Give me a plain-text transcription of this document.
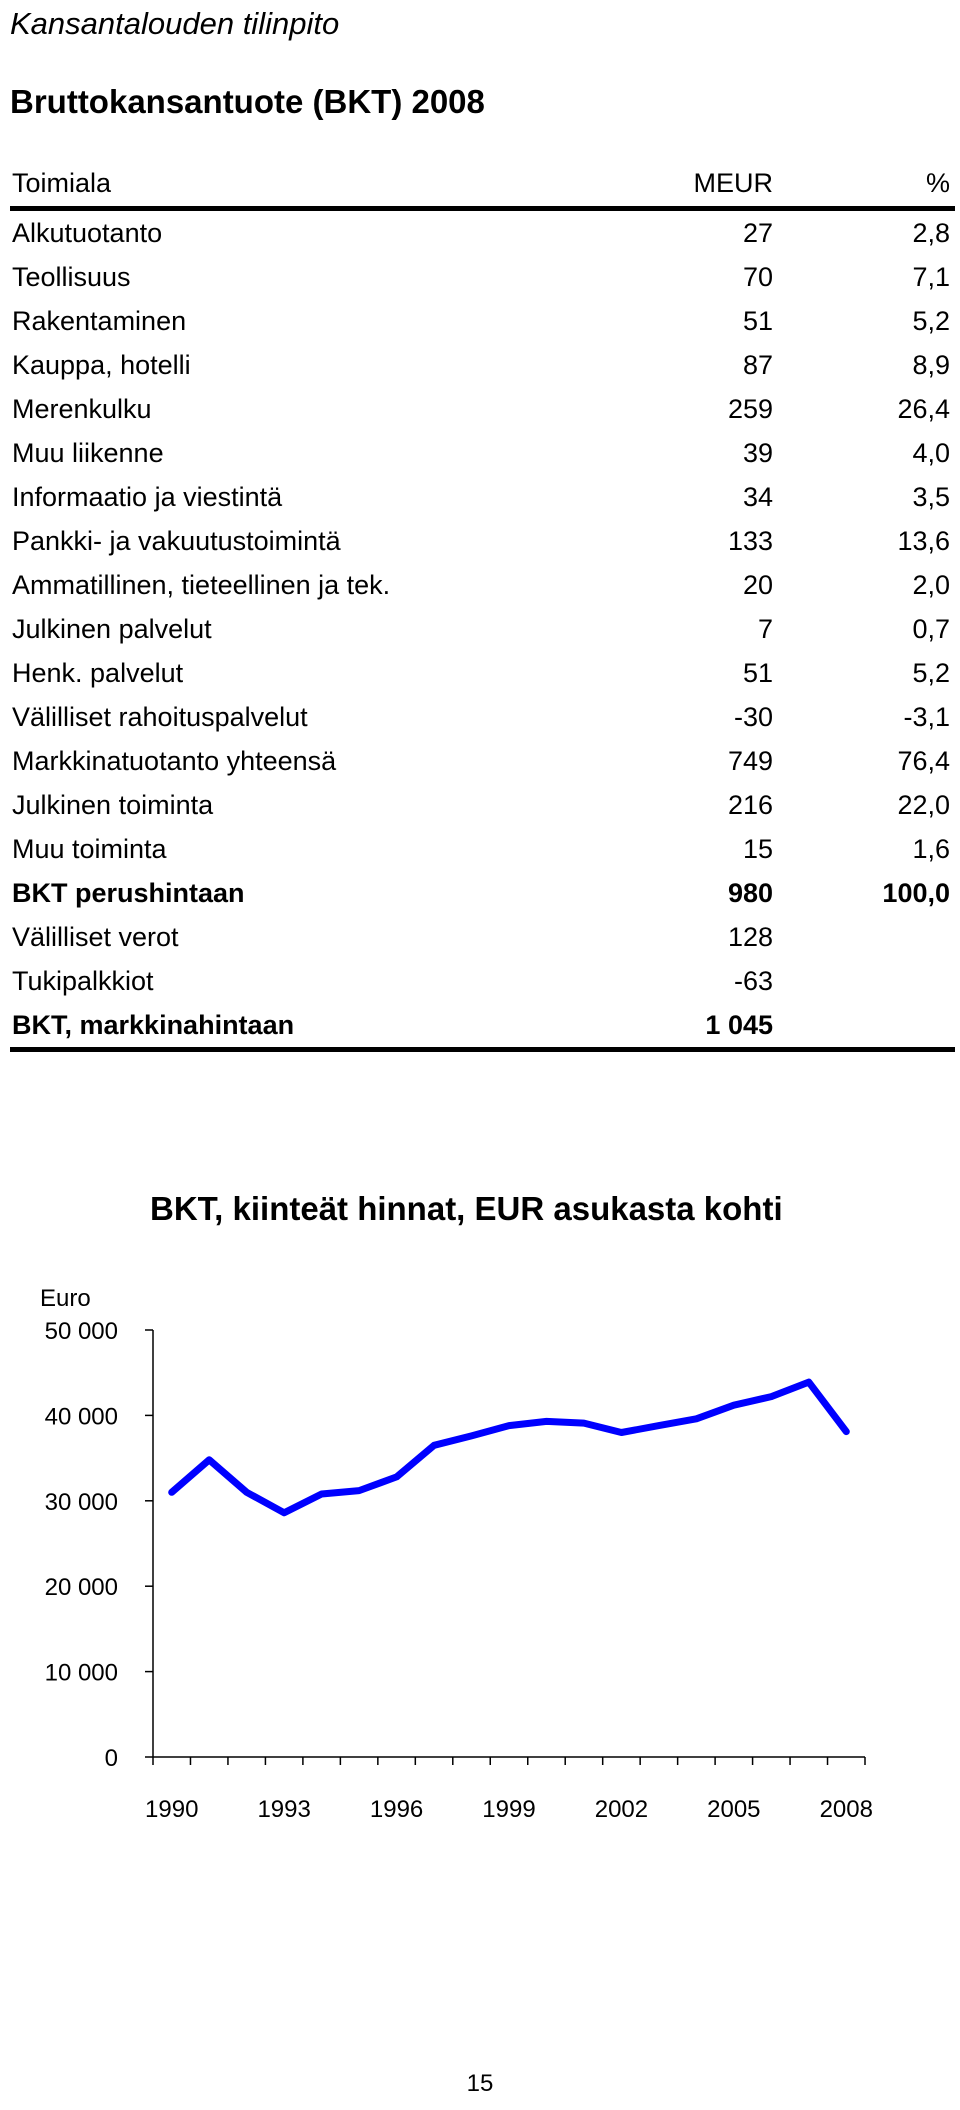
Kansantalouden tilinpito
Bruttokansantuote (BKT) 2008
Toimiala	MEUR	%
Alkutuotanto	27	2,8
Teollisuus	70	7,1
Rakentaminen	51	5,2
Kauppa, hotelli	87	8,9
Merenkulku	259	26,4
Muu liikenne	39	4,0
Informaatio ja viestintä	34	3,5
Pankki- ja vakuutustoimintä	133	13,6
Ammatillinen, tieteellinen ja tek.	20	2,0
Julkinen palvelut	7	0,7
Henk. palvelut	51	5,2
Välilliset rahoituspalvelut	-30	-3,1
Markkinatuotanto yhteensä	749	76,4
Julkinen toiminta	216	22,0
Muu toiminta	15	1,6
BKT perushintaan	980	100,0
Välilliset verot	128
Tukipalkkiot	-63
BKT, markkinahintaan	1 045
BKT, kiinteät hinnat, EUR asukasta kohti
Euro
0
10 000
20 000
30 000
40 000
50 000
1990 1993 1996 1999 2002 2005 2008
15
